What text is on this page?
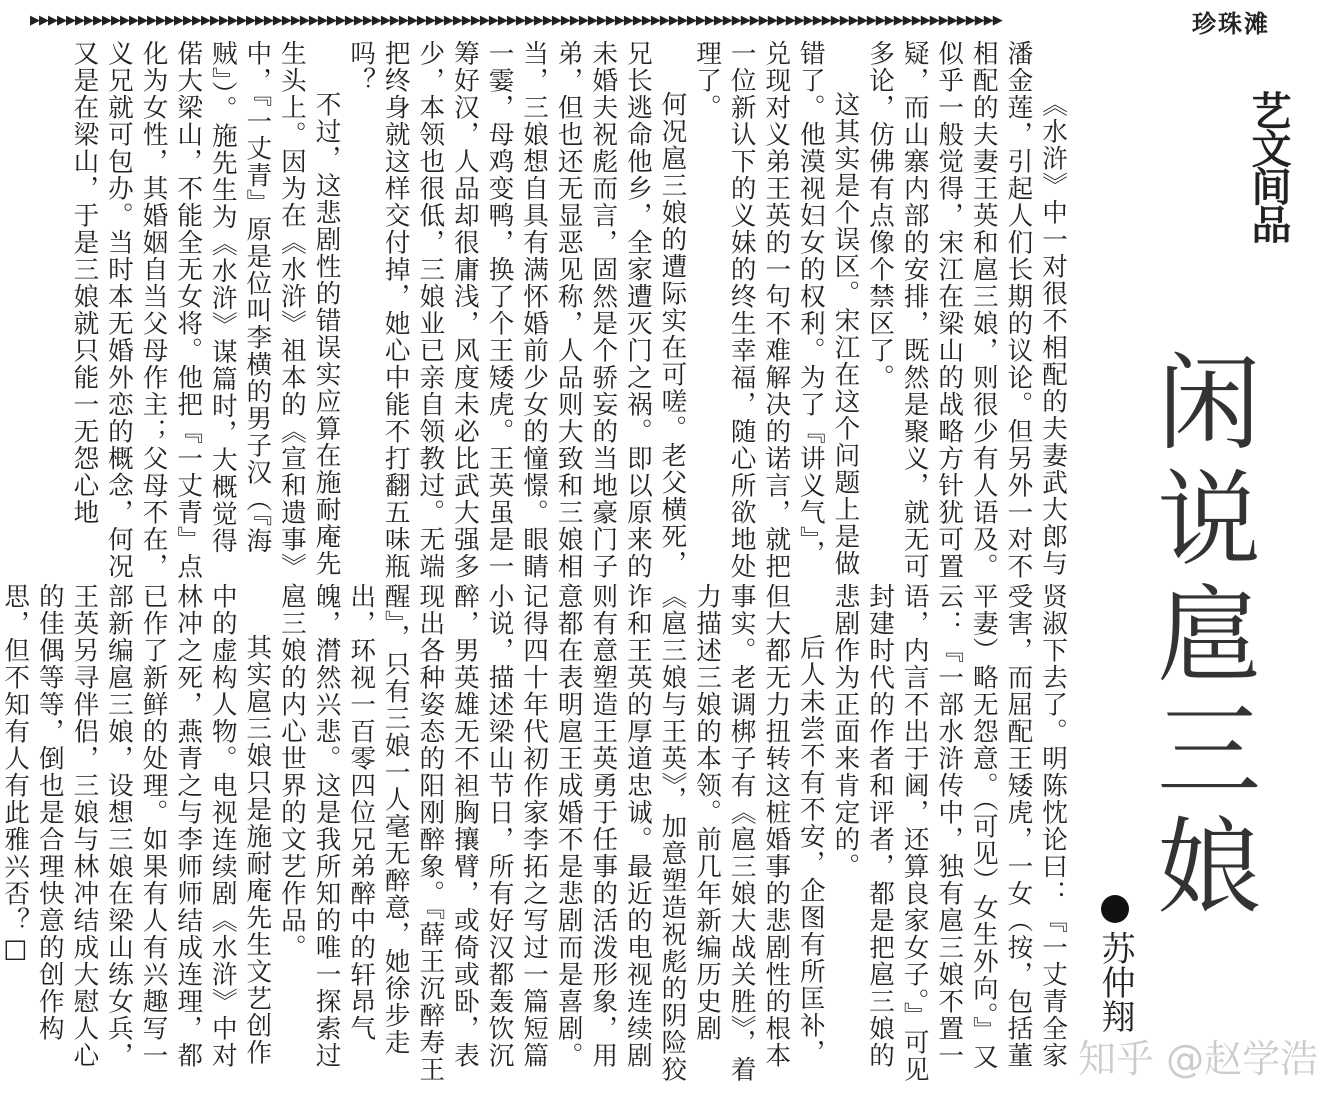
▶▶▶▶▶▶▶▶▶▶▶▶▶▶▶▶▶▶▶▶▶▶▶▶▶▶▶▶▶▶▶▶▶▶▶▶▶▶▶▶▶▶▶▶▶▶▶▶▶▶▶▶▶▶▶▶▶▶▶▶▶▶▶▶▶▶▶▶▶▶▶▶▶▶▶▶▶▶▶▶▶▶▶▶▶▶▶▶▶▶▶▶▶▶▶▶▶▶▶▶▶▶▶▶▶▶▶▶	珍珠滩
艺文间品
闲说扈三娘
苏仲翔

《水浒》中一对很不相配的夫妻武大郎与潘金莲，引起人们长期的议论。但另外一对不相配的夫妻王英和扈三娘，则很少有人语及。似乎一般觉得，宋江在梁山的战略方针犹可置疑，而山寨内部的安排，既然是聚义，就无可多论，仿佛有点像个禁区了。

这其实是个误区。宋江在这个问题上是做错了。他漠视妇女的权利。为了『讲义气』，兑现对义弟王英的一句不难解决的诺言，就把一位新认下的义妹的终生幸福，随心所欲地处理了。

何况扈三娘的遭际实在可嗟。老父横死，兄长逃命他乡，全家遭灭门之祸。即以原来的未婚夫祝彪而言，固然是个骄妄的当地豪门子弟，但也还无显恶见称，人品则大致和三娘相当，三娘想自具有满怀婚前少女的憧憬。眼睛一霎，母鸡变鸭，换了个王矮虎。王英虽是一筹好汉，人品却很庸浅，风度未必比武大强多少，本领也很低，三娘业已亲自领教过。无端把终身就这样交付掉，她心中能不打翻五味瓶吗？

不过，这悲剧性的错误实应算在施耐庵先生头上。因为在《水浒》祖本的《宣和遗事》中，『一丈青』原是位叫李横的男子汉（『海贼』）。施先生为《水浒》谋篇时，大概觉得偌大梁山，不能全无女将。他把『一丈青』点化为女性，其婚姻自当父母作主；父母不在，义兄就可包办。当时本无婚外恋的概念，何况又是在梁山，于是三娘就只能一无怨心地

贤淑下去了。明陈忱论曰：『一丈青全家受害，而屈配王矮虎，一女（按，包括董平妻）略无怨意。（可见）女生外向。』又云：『一部水浒传中，独有扈三娘不置一语，内言不出于阃，还算良家女子。』可见封建时代的作者和评者，都是把扈三娘的悲剧作为正面来肯定的。

后人未尝不有不安，企图有所匡补，但大都无力扭转这桩婚事的悲剧性的根本事实。老调梆子有《扈三娘大战关胜》，着力描述三娘的本领。前几年新编历史剧《扈三娘与王英》，加意塑造祝彪的阴险狡诈和王英的厚道忠诚。最近的电视连续剧则有意塑造王英勇于任事的活泼形象，用意都在表明扈王成婚不是悲剧而是喜剧。记得四十年代初作家李拓之写过一篇短篇小说，描述梁山节日，所有好汉都轰饮沉醉，男英雄无不袒胸攘臂，或倚或卧，表现出各种姿态的阳刚醉象。『薛王沉醉寿王醒』，只有三娘一人毫无醉意，她徐步走出，环视一百零四位兄弟醉中的轩昂气魄，潸然兴悲。这是我所知的唯一探索过扈三娘的内心世界的文艺作品。

其实扈三娘只是施耐庵先生文艺创作中的虚构人物。电视连续剧《水浒》中对林冲之死，燕青之与李师师结成连理，都已作了新鲜的处理。如果有人有兴趣写一部新编扈三娘，设想三娘在梁山练女兵，王英另寻伴侣，三娘与林冲结成大慰人心的佳偶等等，倒也是合理快意的创作构思，但不知有人有此雅兴否？□

知乎 @赵学浩
